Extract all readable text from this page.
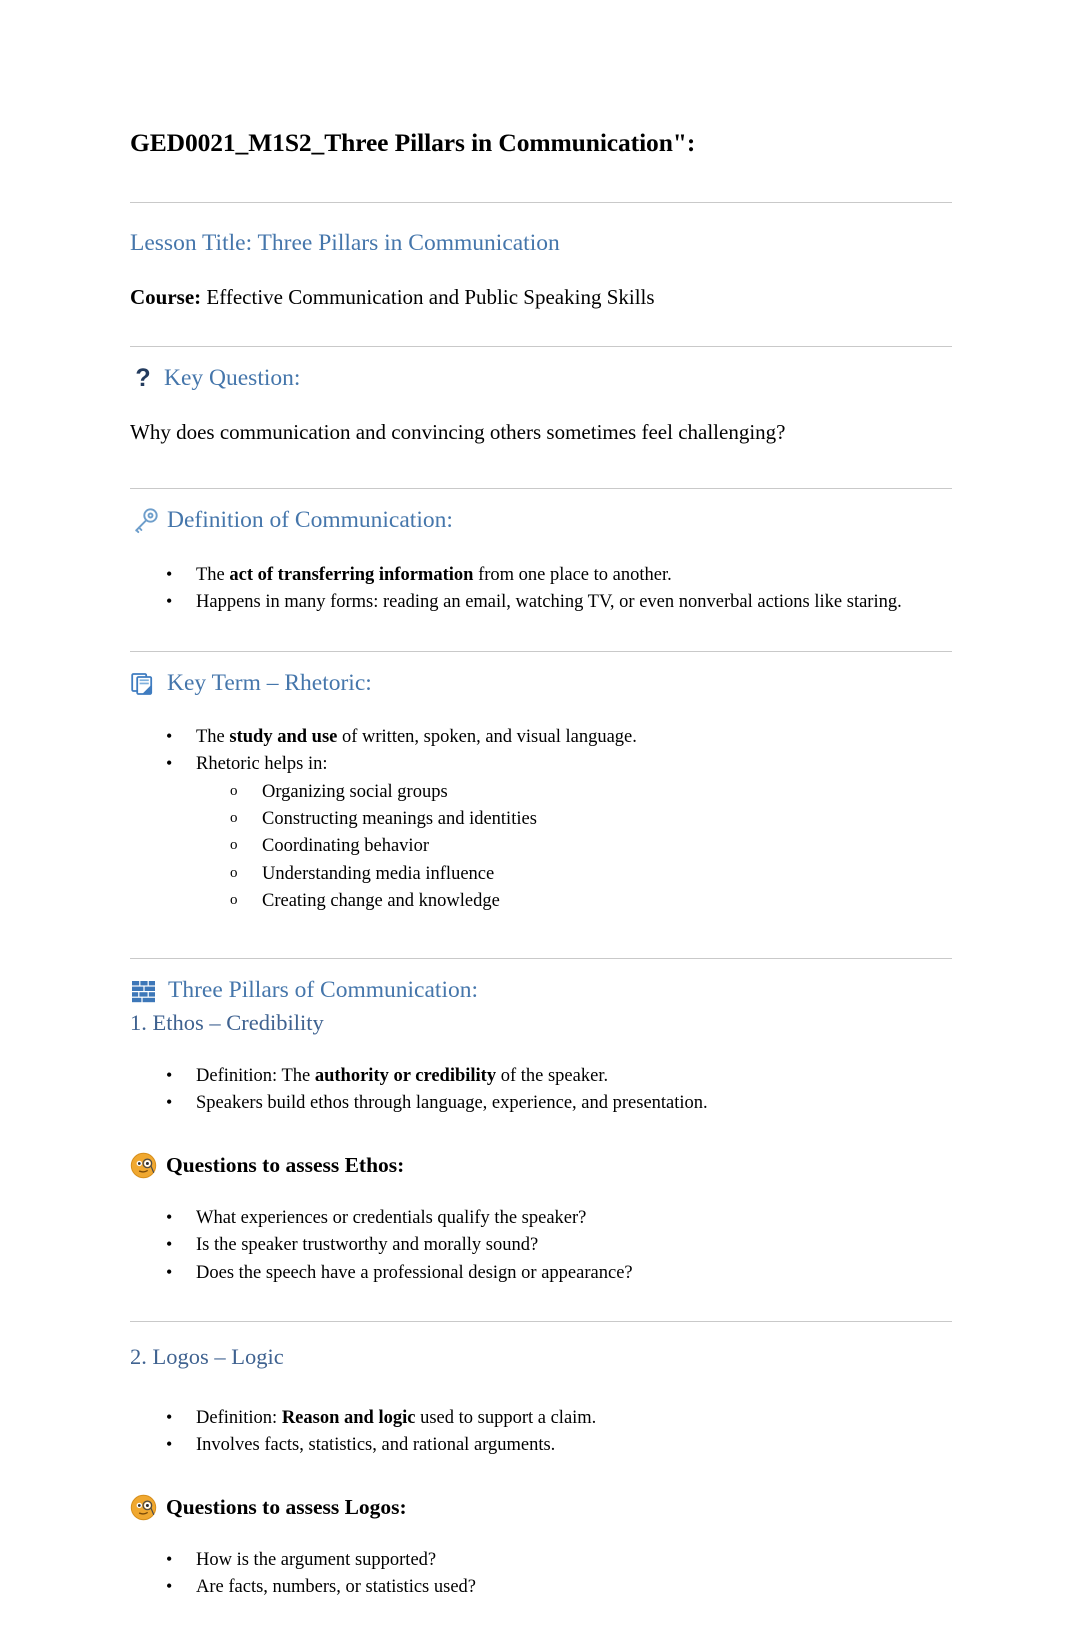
GED0021_M1S2_Three Pillars in Communication":
Lesson Title: Three Pillars in Communication

Course: Effective Communication and Public Speaking Skills

? Key Question:

Why does communication and convincing others sometimes feel challenging?

Definition of Communication:
• The act of transferring information from one place to another.
• Happens in many forms: reading an email, watching TV, or even nonverbal actions like staring.
Key Term – Rhetoric:
• The study and use of written, spoken, and visual language.
• Rhetoric helps in:
o Organizing social groups
o Constructing meanings and identities
o Coordinating behavior
o Understanding media influence
o Creating change and knowledge
Three Pillars of Communication:
1. Ethos – Credibility
• Definition: The authority or credibility of the speaker.
• Speakers build ethos through language, experience, and presentation.
Questions to assess Ethos:
• What experiences or credentials qualify the speaker?
• Is the speaker trustworthy and morally sound?
• Does the speech have a professional design or appearance?
2. Logos – Logic
• Definition: Reason and logic used to support a claim.
• Involves facts, statistics, and rational arguments.
Questions to assess Logos:
• How is the argument supported?
• Are facts, numbers, or statistics used?
